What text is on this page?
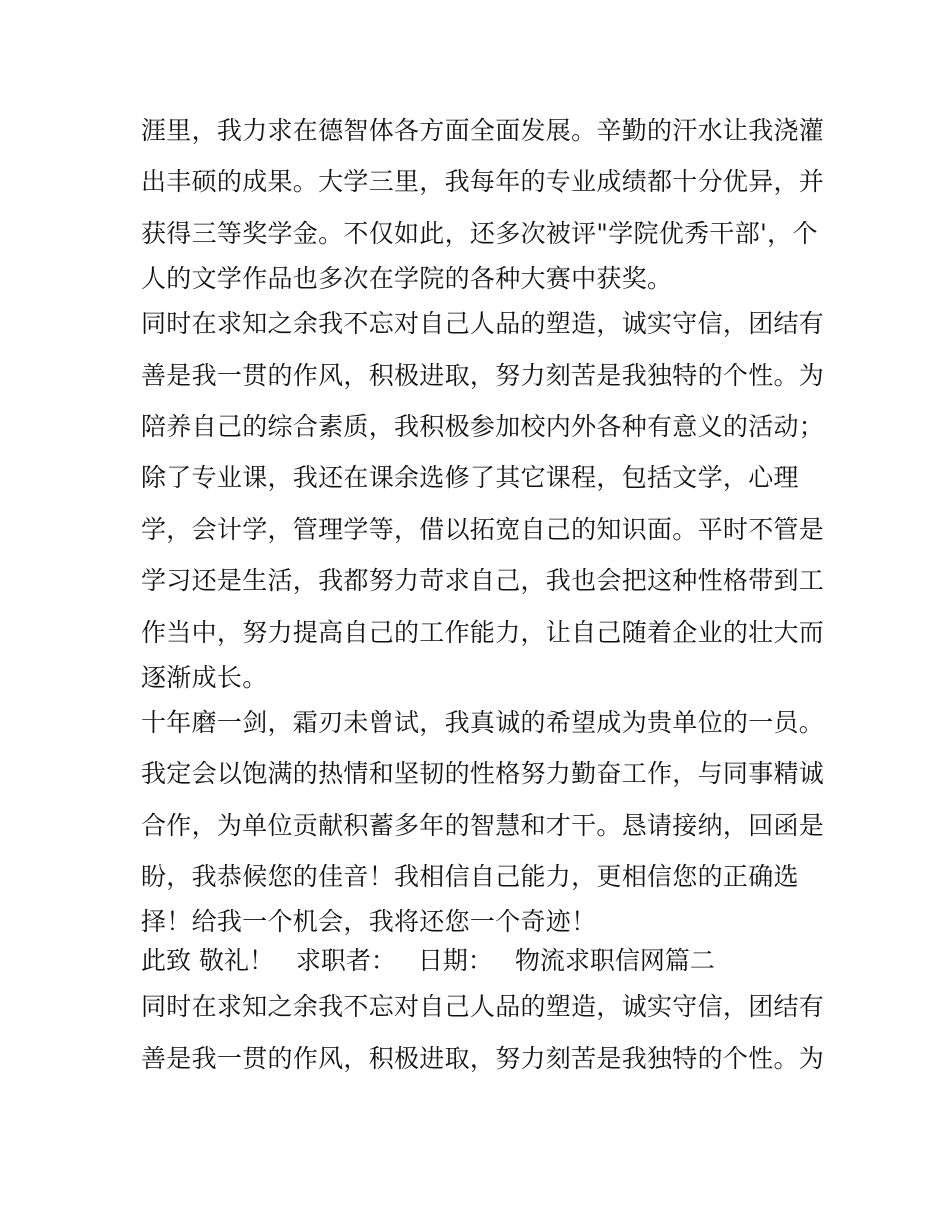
涯里，我力求在德智体各方面全面发展。辛勤的汗水让我浇灌
出丰硕的成果。大学三里，我每年的专业成绩都十分优异，并
获得三等奖学金。不仅如此，还多次被评"学院优秀干部'，个
人的文学作品也多次在学院的各种大赛中获奖。
同时在求知之余我不忘对自己人品的塑造，诚实守信，团结有
善是我一贯的作风，积极进取，努力刻苦是我独特的个性。为
陪养自己的综合素质，我积极参加校内外各种有意义的活动；
除了专业课，我还在课余选修了其它课程，包括文学，心理
学，会计学，管理学等，借以拓宽自己的知识面。平时不管是
学习还是生活，我都努力苛求自己，我也会把这种性格带到工
作当中，努力提高自己的工作能力，让自己随着企业的壮大而
逐渐成长。
十年磨一剑，霜刃未曾试，我真诚的希望成为贵单位的一员。
我定会以饱满的热情和坚韧的性格努力勤奋工作，与同事精诚
合作，为单位贡献积蓄多年的智慧和才干。恳请接纳，回函是
盼，我恭候您的佳音！我相信自己能力，更相信您的正确选
择！给我一个机会，我将还您一个奇迹！
此致 敬礼！ 求职者： 日期： 物流求职信网篇二
同时在求知之余我不忘对自己人品的塑造，诚实守信，团结有
善是我一贯的作风，积极进取，努力刻苦是我独特的个性。为
